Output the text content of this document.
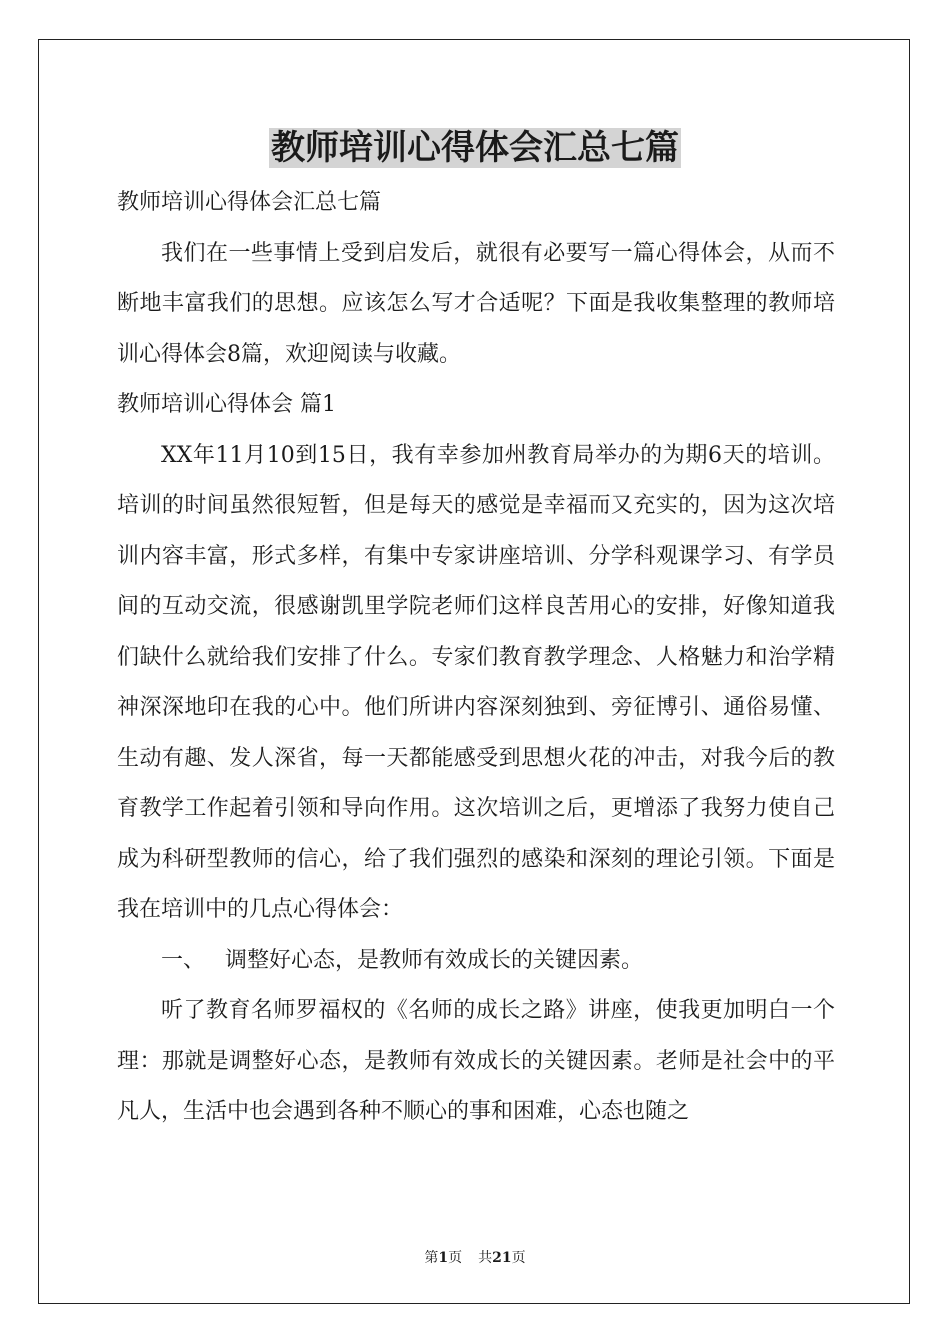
教师培训心得体会汇总七篇

教师培训心得体会汇总七篇

我们在一些事情上受到启发后，就很有必要写一篇心得体会，从而不断地丰富我们的思想。应该怎么写才合适呢？下面是我收集整理的教师培训心得体会8篇，欢迎阅读与收藏。

教师培训心得体会 篇1

XX年11月10到15日，我有幸参加州教育局举办的为期6天的培训。培训的时间虽然很短暂，但是每天的感觉是幸福而又充实的，因为这次培训内容丰富，形式多样，有集中专家讲座培训、分学科观课学习、有学员间的互动交流，很感谢凯里学院老师们这样良苦用心的安排，好像知道我们缺什么就给我们安排了什么。专家们教育教学理念、人格魅力和治学精神深深地印在我的心中。他们所讲内容深刻独到、旁征博引、通俗易懂、生动有趣、发人深省，每一天都能感受到思想火花的冲击，对我今后的教育教学工作起着引领和导向作用。这次培训之后，更增添了我努力使自己成为科研型教师的信心，给了我们强烈的感染和深刻的理论引领。下面是我在培训中的几点心得体会：

一、 调整好心态，是教师有效成长的关键因素。

听了教育名师罗福权的《名师的成长之路》讲座，使我更加明白一个理：那就是调整好心态，是教师有效成长的关键因素。老师是社会中的平凡人，生活中也会遇到各种不顺心的事和困难，心态也随之

第1页 共21页
